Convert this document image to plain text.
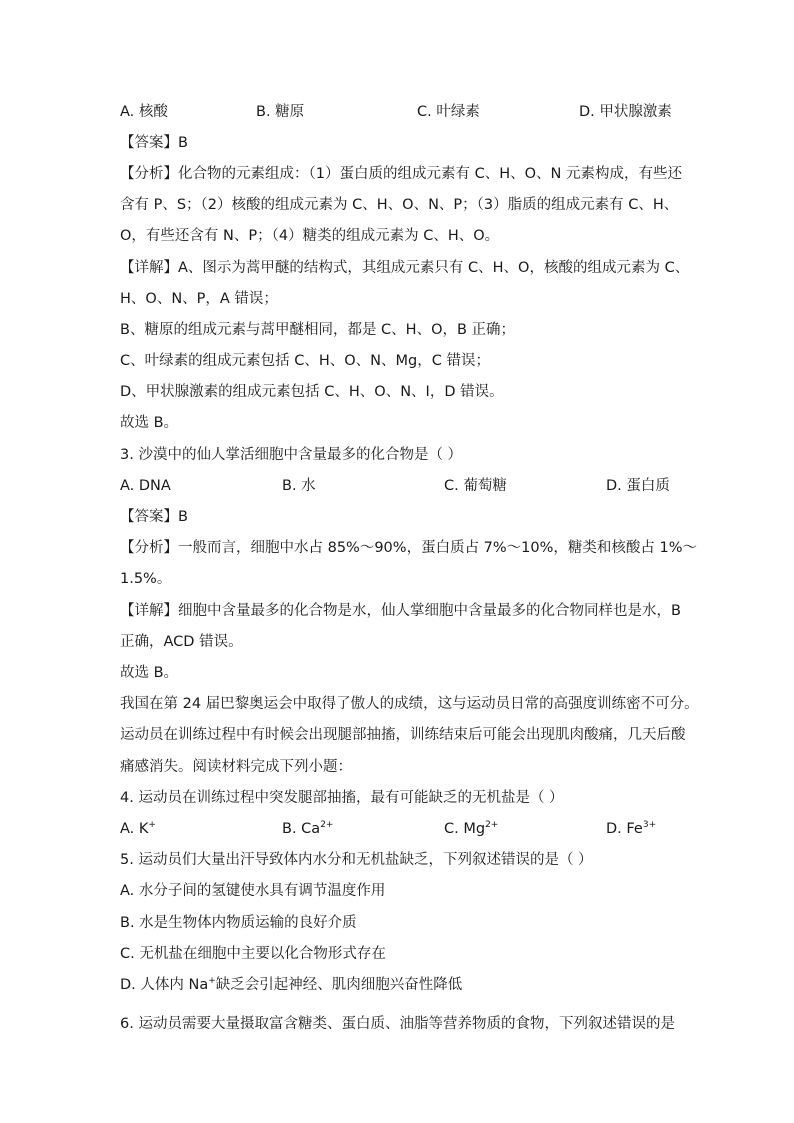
A. 核酸	B. 糖原	C. 叶绿素	D. 甲状腺激素
【答案】B
【分析】化合物的元素组成：（1）蛋白质的组成元素有 C、H、O、N 元素构成，有些还
含有 P、S；（2）核酸的组成元素为 C、H、O、N、P；（3）脂质的组成元素有 C、H、
O，有些还含有 N、P；（4）糖类的组成元素为 C、H、O。
【详解】A、图示为蒿甲醚的结构式，其组成元素只有 C、H、O，核酸的组成元素为 C、
H、O、N、P，A 错误；
B、糖原的组成元素与蒿甲醚相同，都是 C、H、O，B 正确；
C、叶绿素的组成元素包括 C、H、O、N、Mg，C 错误；
D、甲状腺激素的组成元素包括 C、H、O、N、I，D 错误。
故选 B。
3. 沙漠中的仙人掌活细胞中含量最多的化合物是（ ）
A. DNA	B. 水	C. 葡萄糖	D. 蛋白质
【答案】B
【分析】一般而言，细胞中水占 85%～90%，蛋白质占 7%～10%，糖类和核酸占 1%～
1.5%。
【详解】细胞中含量最多的化合物是水，仙人掌细胞中含量最多的化合物同样也是水，B
正确，ACD 错误。
故选 B。
我国在第 24 届巴黎奥运会中取得了傲人的成绩，这与运动员日常的高强度训练密不可分。
运动员在训练过程中有时候会出现腿部抽搐，训练结束后可能会出现肌肉酸痛，几天后酸
痛感消失。阅读材料完成下列小题：
4. 运动员在训练过程中突发腿部抽搐，最有可能缺乏的无机盐是（ ）
A. K+	B. $Ca^{2+}$	C. $Mg^{2+}$	D. $Fe^{3+}$
5. 运动员们大量出汗导致体内水分和无机盐缺乏，下列叙述错误的是（ ）
A. 水分子间的氢键使水具有调节温度作用
B. 水是生物体内物质运输的良好介质
C. 无机盐在细胞中主要以化合物形式存在
D. 人体内 Na+缺乏会引起神经、肌肉细胞兴奋性降低
6. 运动员需要大量摄取富含糖类、蛋白质、油脂等营养物质的食物，下列叙述错误的是
